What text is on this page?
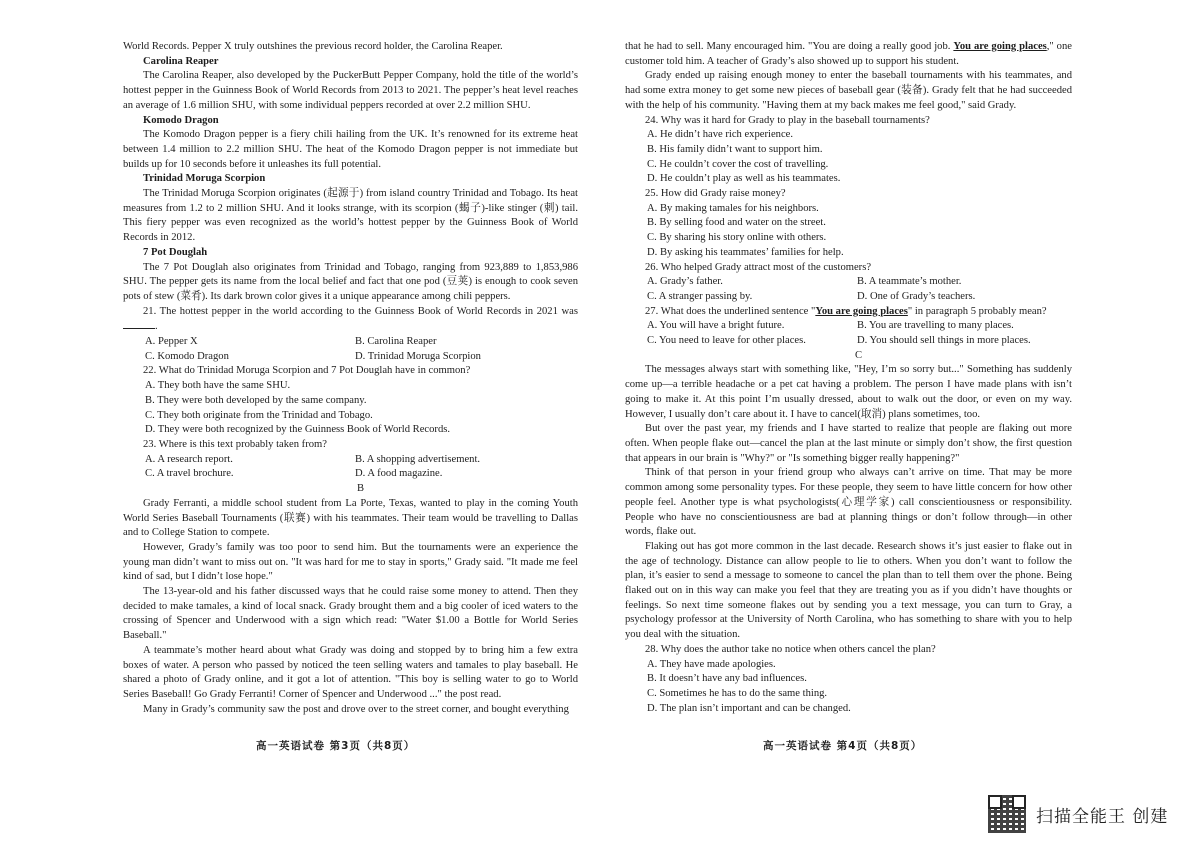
World Records. Pepper X truly outshines the previous record holder, the Carolina Reaper.

Carolina Reaper

The Carolina Reaper, also developed by the PuckerButt Pepper Company, hold the title of the world’s hottest pepper in the Guinness Book of World Records from 2013 to 2021. The pepper’s heat level reaches an average of 1.6 million SHU, with some individual peppers recorded at over 2.2 million SHU.

Komodo Dragon

The Komodo Dragon pepper is a fiery chili hailing from the UK. It’s renowned for its extreme heat between 1.4 million to 2.2 million SHU. The heat of the Komodo Dragon pepper is not immediate but builds up for 10 seconds before it unleashes its full potential.

Trinidad Moruga Scorpion

The Trinidad Moruga Scorpion originates (起源于) from island country Trinidad and Tobago. Its heat measures from 1.2 to 2 million SHU. And it looks strange, with its scorpion (蝎子)-like stinger (刺) tail. This fiery pepper was even recognized as the world’s hottest pepper by the Guinness Book of World Records in 2012.

7 Pot Douglah

The 7 Pot Douglah also originates from Trinidad and Tobago, ranging from 923,889 to 1,853,986 SHU. The pepper gets its name from the local belief and fact that one pod (豆荚) is enough to cook seven pots of stew (菜肴). Its dark brown color gives it a unique appearance among chili peppers.

21. The hottest pepper in the world according to the Guinness Book of World Records in 2021 was.

A. Pepper X	B. Carolina Reaper
C. Komodo Dragon	D. Trinidad Moruga Scorpion

22. What do Trinidad Moruga Scorpion and 7 Pot Douglah have in common?

A. They both have the same SHU.
B. They were both developed by the same company.
C. They both originate from the Trinidad and Tobago.
D. They were both recognized by the Guinness Book of World Records.

23. Where is this text probably taken from?

A. A research report.	B. A shopping advertisement.
C. A travel brochure.	D. A food magazine.

B

Grady Ferranti, a middle school student from La Porte, Texas, wanted to play in the coming Youth World Series Baseball Tournaments (联赛) with his teammates. Their team would be travelling to Dallas and to College Station to compete.

However, Grady’s family was too poor to send him. But the tournaments were an experience the young man didn’t want to miss out on. "It was hard for me to stay in sports," Grady said. "It made me feel kind of sad, but I didn’t lose hope."

The 13-year-old and his father discussed ways that he could raise some money to attend. Then they decided to make tamales, a kind of local snack. Grady brought them and a big cooler of iced waters to the crossing of Spencer and Underwood with a sign which read: "Water $1.00 a Bottle for World Series Baseball."

A teammate’s mother heard about what Grady was doing and stopped by to bring him a few extra boxes of water. A person who passed by noticed the teen selling waters and tamales to play baseball. He shared a photo of Grady online, and it got a lot of attention. "This boy is selling water to go to World Series Baseball! Go Grady Ferranti! Corner of Spencer and Underwood ..." the post read.

Many in Grady’s community saw the post and drove over to the street corner, and bought everything

高一英语试卷 第3页（共8页）

that he had to sell. Many encouraged him. "You are doing a really good job. You are going places," one customer told him. A teacher of Grady’s also showed up to support his student.

Grady ended up raising enough money to enter the baseball tournaments with his teammates, and had some extra money to get some new pieces of baseball gear (装备). Grady felt that he had succeeded with the help of his community. "Having them at my back makes me feel good," said Grady.

24. Why was it hard for Grady to play in the baseball tournaments?

A. He didn’t have rich experience.
B. His family didn’t want to support him.
C. He couldn’t cover the cost of travelling.
D. He couldn’t play as well as his teammates.

25. How did Grady raise money?

A. By making tamales for his neighbors.
B. By selling food and water on the street.
C. By sharing his story online with others.
D. By asking his teammates’ families for help.

26. Who helped Grady attract most of the customers?

A. Grady’s father.	B. A teammate’s mother.
C. A stranger passing by.	D. One of Grady’s teachers.

27. What does the underlined sentence "You are going places" in paragraph 5 probably mean?

A. You will have a bright future.	B. You are travelling to many places.
C. You need to leave for other places.	D. You should sell things in more places.

C

The messages always start with something like, "Hey, I’m so sorry but..." Something has suddenly come up—a terrible headache or a pet cat having a problem. The person I have made plans with isn’t going to make it. At this point I’m usually dressed, about to walk out the door, or even on my way. However, I usually don’t care about it. I have to cancel(取消) plans sometimes, too.

But over the past year, my friends and I have started to realize that people are flaking out more often. When people flake out—cancel the plan at the last minute or simply don’t show, the first question that appears in our brain is "Why?" or "Is something bigger really happening?"

Think of that person in your friend group who always can’t arrive on time. That may be more common among some personality types. For these people, they seem to have little concern for how other people feel. Another type is what psychologists(心理学家) call conscientiousness or responsibility. People who have no conscientiousness are bad at planning things or don’t follow through—in other words, flake out.

Flaking out has got more common in the last decade. Research shows it’s just easier to flake out in the age of technology. Distance can allow people to lie to others. When you don’t want to follow the plan, it’s easier to send a message to someone to cancel the plan than to tell them over the phone. Being flaked out on in this way can make you feel that they are treating you as if you didn’t have thoughts or feelings. So next time someone flakes out by sending you a text message, you can turn to Gray, a psychology professor at the University of North Carolina, who has something to share with you to help you deal with the situation.

28. Why does the author take no notice when others cancel the plan?

A. They have made apologies.
B. It doesn’t have any bad influences.
C. Sometimes he has to do the same thing.
D. The plan isn’t important and can be changed.
高一英语试卷 第4页（共8页）
扫描全能王 创建
